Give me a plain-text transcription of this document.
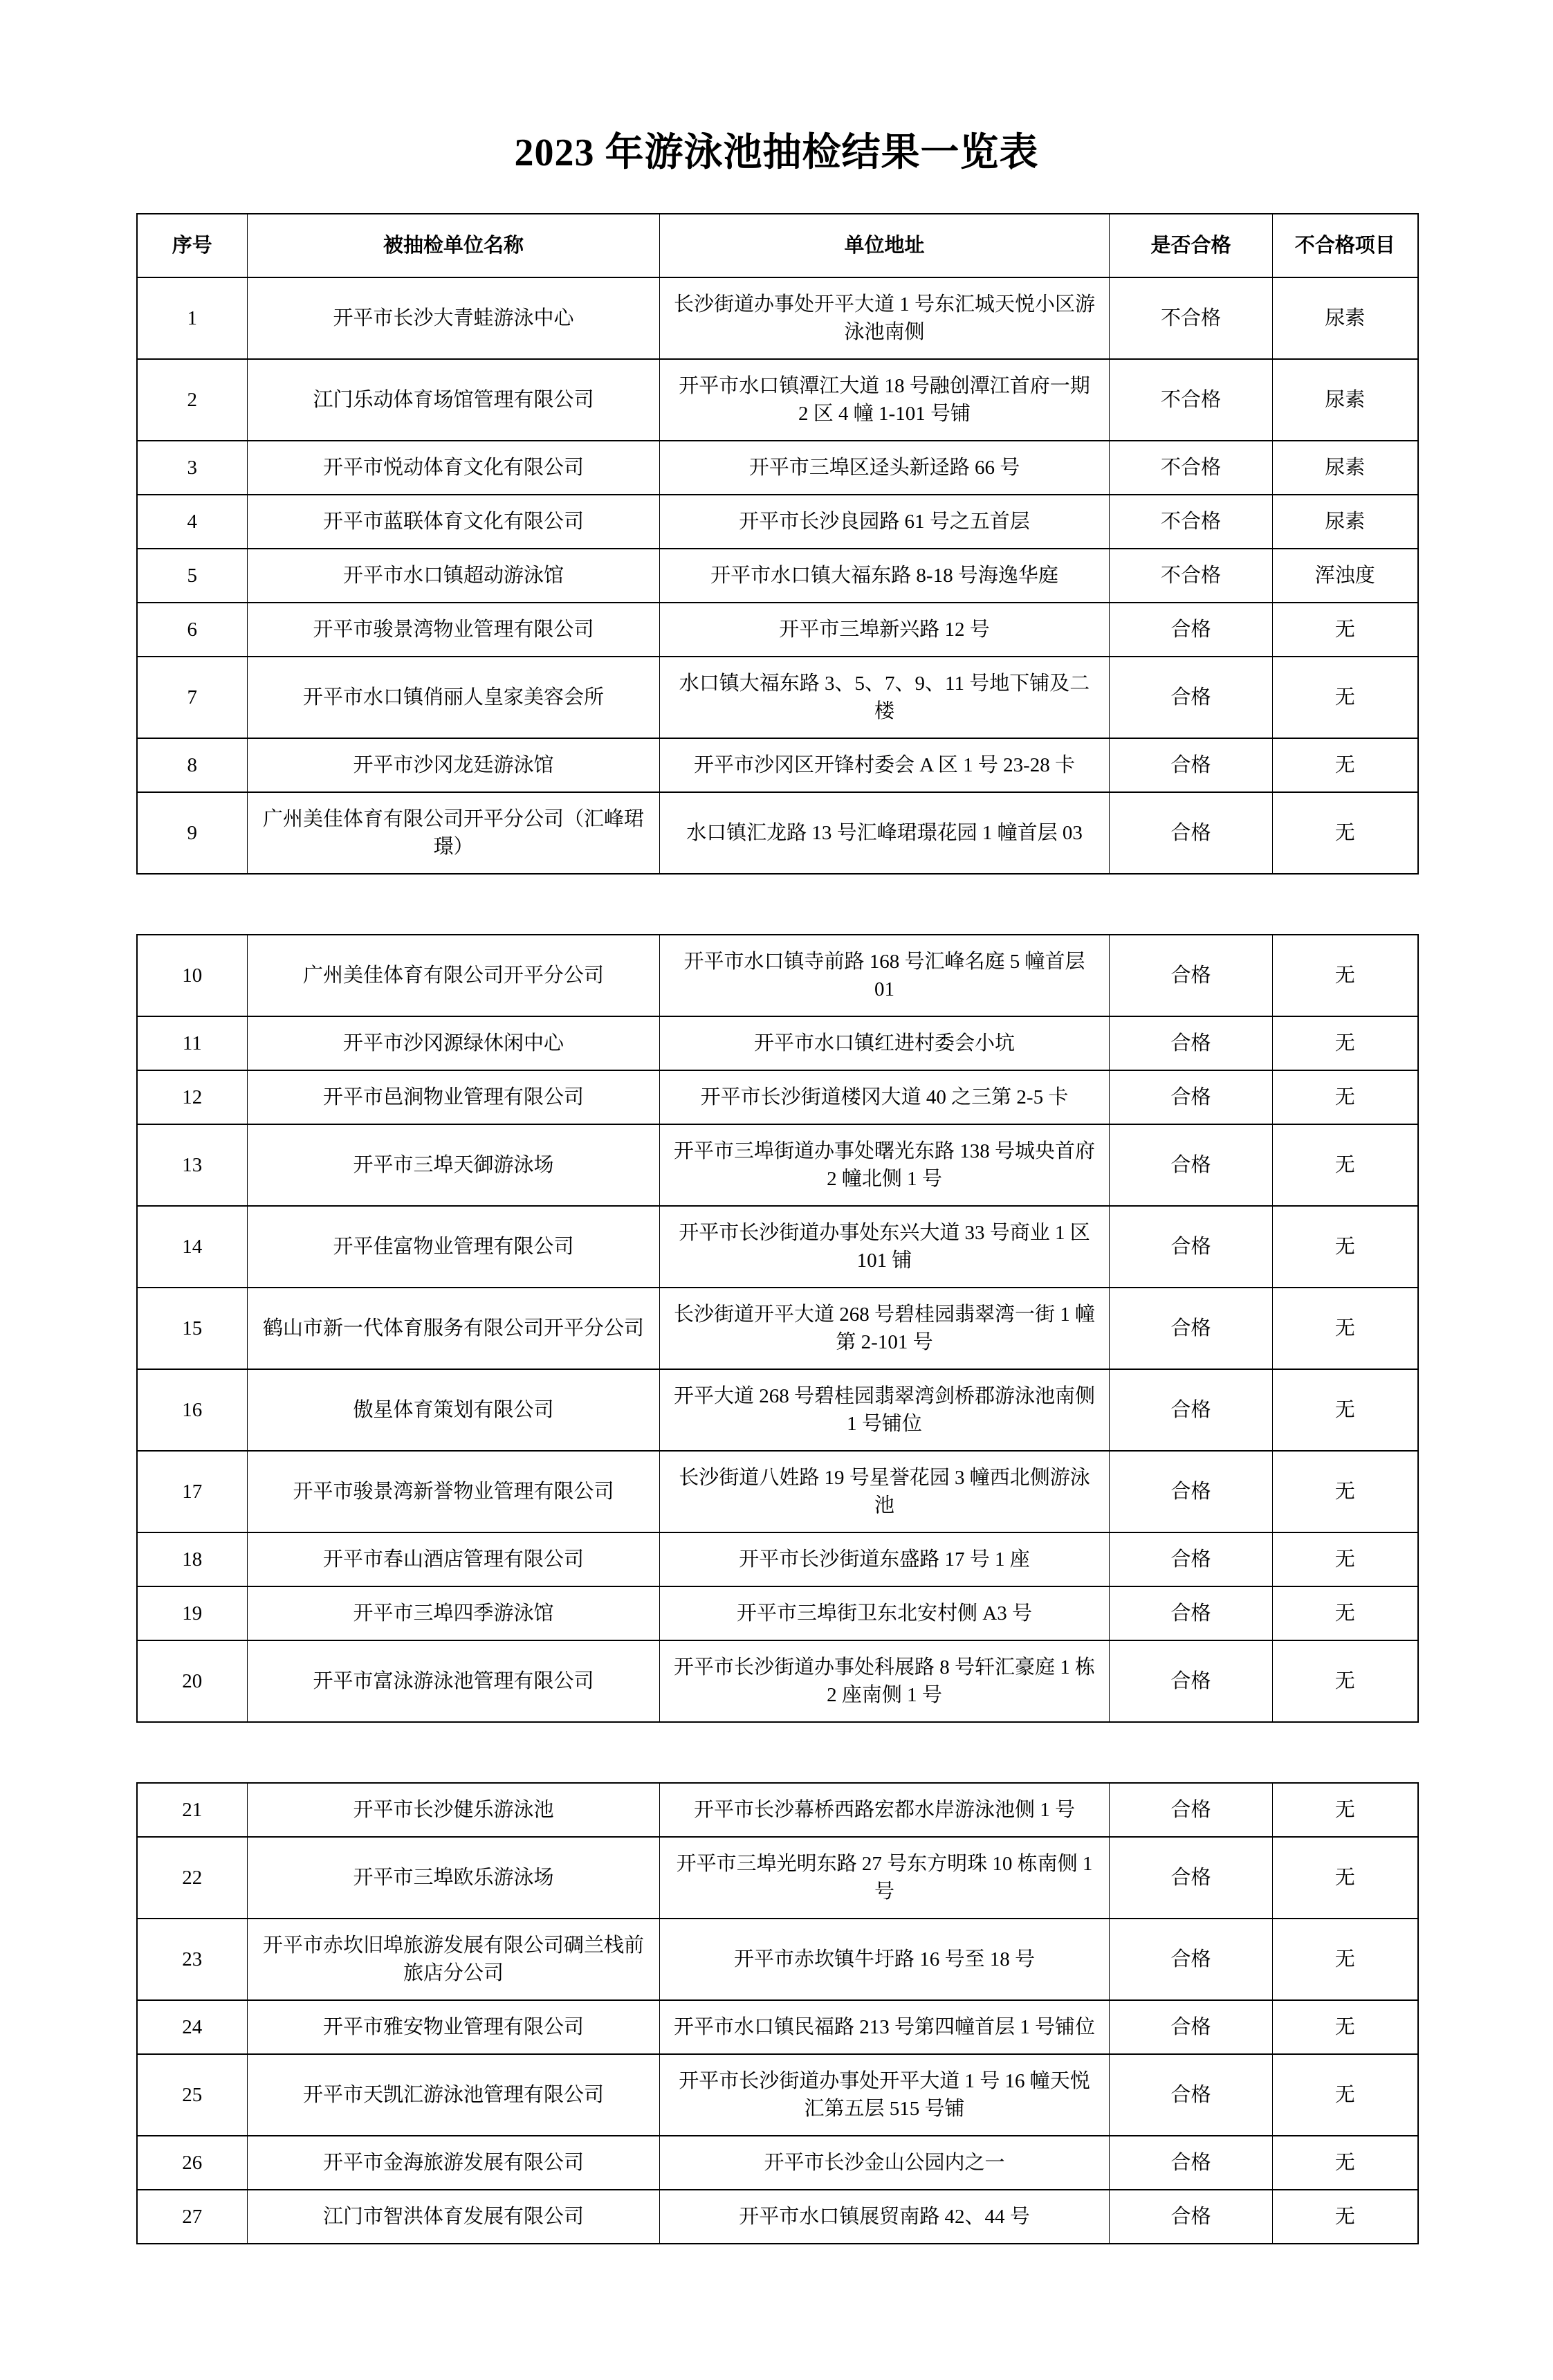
2023 年游泳池抽检结果一览表
序号	被抽检单位名称	单位地址	是否合格	不合格项目
1	开平市长沙大青蛙游泳中心	长沙街道办事处开平大道 1 号东汇城天悦小区游泳池南侧	不合格	尿素
2	江门乐动体育场馆管理有限公司	开平市水口镇潭江大道 18 号融创潭江首府一期 2 区 4 幢 1-101 号铺	不合格	尿素
3	开平市悦动体育文化有限公司	开平市三埠区迳头新迳路 66 号	不合格	尿素
4	开平市蓝联体育文化有限公司	开平市长沙良园路 61 号之五首层	不合格	尿素
5	开平市水口镇超动游泳馆	开平市水口镇大福东路 8-18 号海逸华庭	不合格	浑浊度
6	开平市骏景湾物业管理有限公司	开平市三埠新兴路 12 号	合格	无
7	开平市水口镇俏丽人皇家美容会所	水口镇大福东路 3、5、7、9、11 号地下铺及二楼	合格	无
8	开平市沙冈龙廷游泳馆	开平市沙冈区开锋村委会 A 区 1 号 23-28 卡	合格	无
9	广州美佳体育有限公司开平分公司（汇峰珺璟）	水口镇汇龙路 13 号汇峰珺璟花园 1 幢首层 03	合格	无
10	广州美佳体育有限公司开平分公司	开平市水口镇寺前路 168 号汇峰名庭 5 幢首层 01	合格	无
11	开平市沙冈源绿休闲中心	开平市水口镇红进村委会小坑	合格	无
12	开平市邑涧物业管理有限公司	开平市长沙街道楼冈大道 40 之三第 2-5 卡	合格	无
13	开平市三埠天御游泳场	开平市三埠街道办事处曙光东路 138 号城央首府 2 幢北侧 1 号	合格	无
14	开平佳富物业管理有限公司	开平市长沙街道办事处东兴大道 33 号商业 1 区 101 铺	合格	无
15	鹤山市新一代体育服务有限公司开平分公司	长沙街道开平大道 268 号碧桂园翡翠湾一街 1 幢第 2-101 号	合格	无
16	傲星体育策划有限公司	开平大道 268 号碧桂园翡翠湾剑桥郡游泳池南侧 1 号铺位	合格	无
17	开平市骏景湾新誉物业管理有限公司	长沙街道八姓路 19 号星誉花园 3 幢西北侧游泳池	合格	无
18	开平市春山酒店管理有限公司	开平市长沙街道东盛路 17 号 1 座	合格	无
19	开平市三埠四季游泳馆	开平市三埠街卫东北安村侧 A3 号	合格	无
20	开平市富泳游泳池管理有限公司	开平市长沙街道办事处科展路 8 号轩汇豪庭 1 栋 2 座南侧 1 号	合格	无
21	开平市长沙健乐游泳池	开平市长沙幕桥西路宏都水岸游泳池侧 1 号	合格	无
22	开平市三埠欧乐游泳场	开平市三埠光明东路 27 号东方明珠 10 栋南侧 1 号	合格	无
23	开平市赤坎旧埠旅游发展有限公司碉兰栈前旅店分公司	开平市赤坎镇牛圩路 16 号至 18 号	合格	无
24	开平市雅安物业管理有限公司	开平市水口镇民福路 213 号第四幢首层 1 号铺位	合格	无
25	开平市天凯汇游泳池管理有限公司	开平市长沙街道办事处开平大道 1 号 16 幢天悦汇第五层 515 号铺	合格	无
26	开平市金海旅游发展有限公司	开平市长沙金山公园内之一	合格	无
27	江门市智洪体育发展有限公司	开平市水口镇展贸南路 42、44 号	合格	无
